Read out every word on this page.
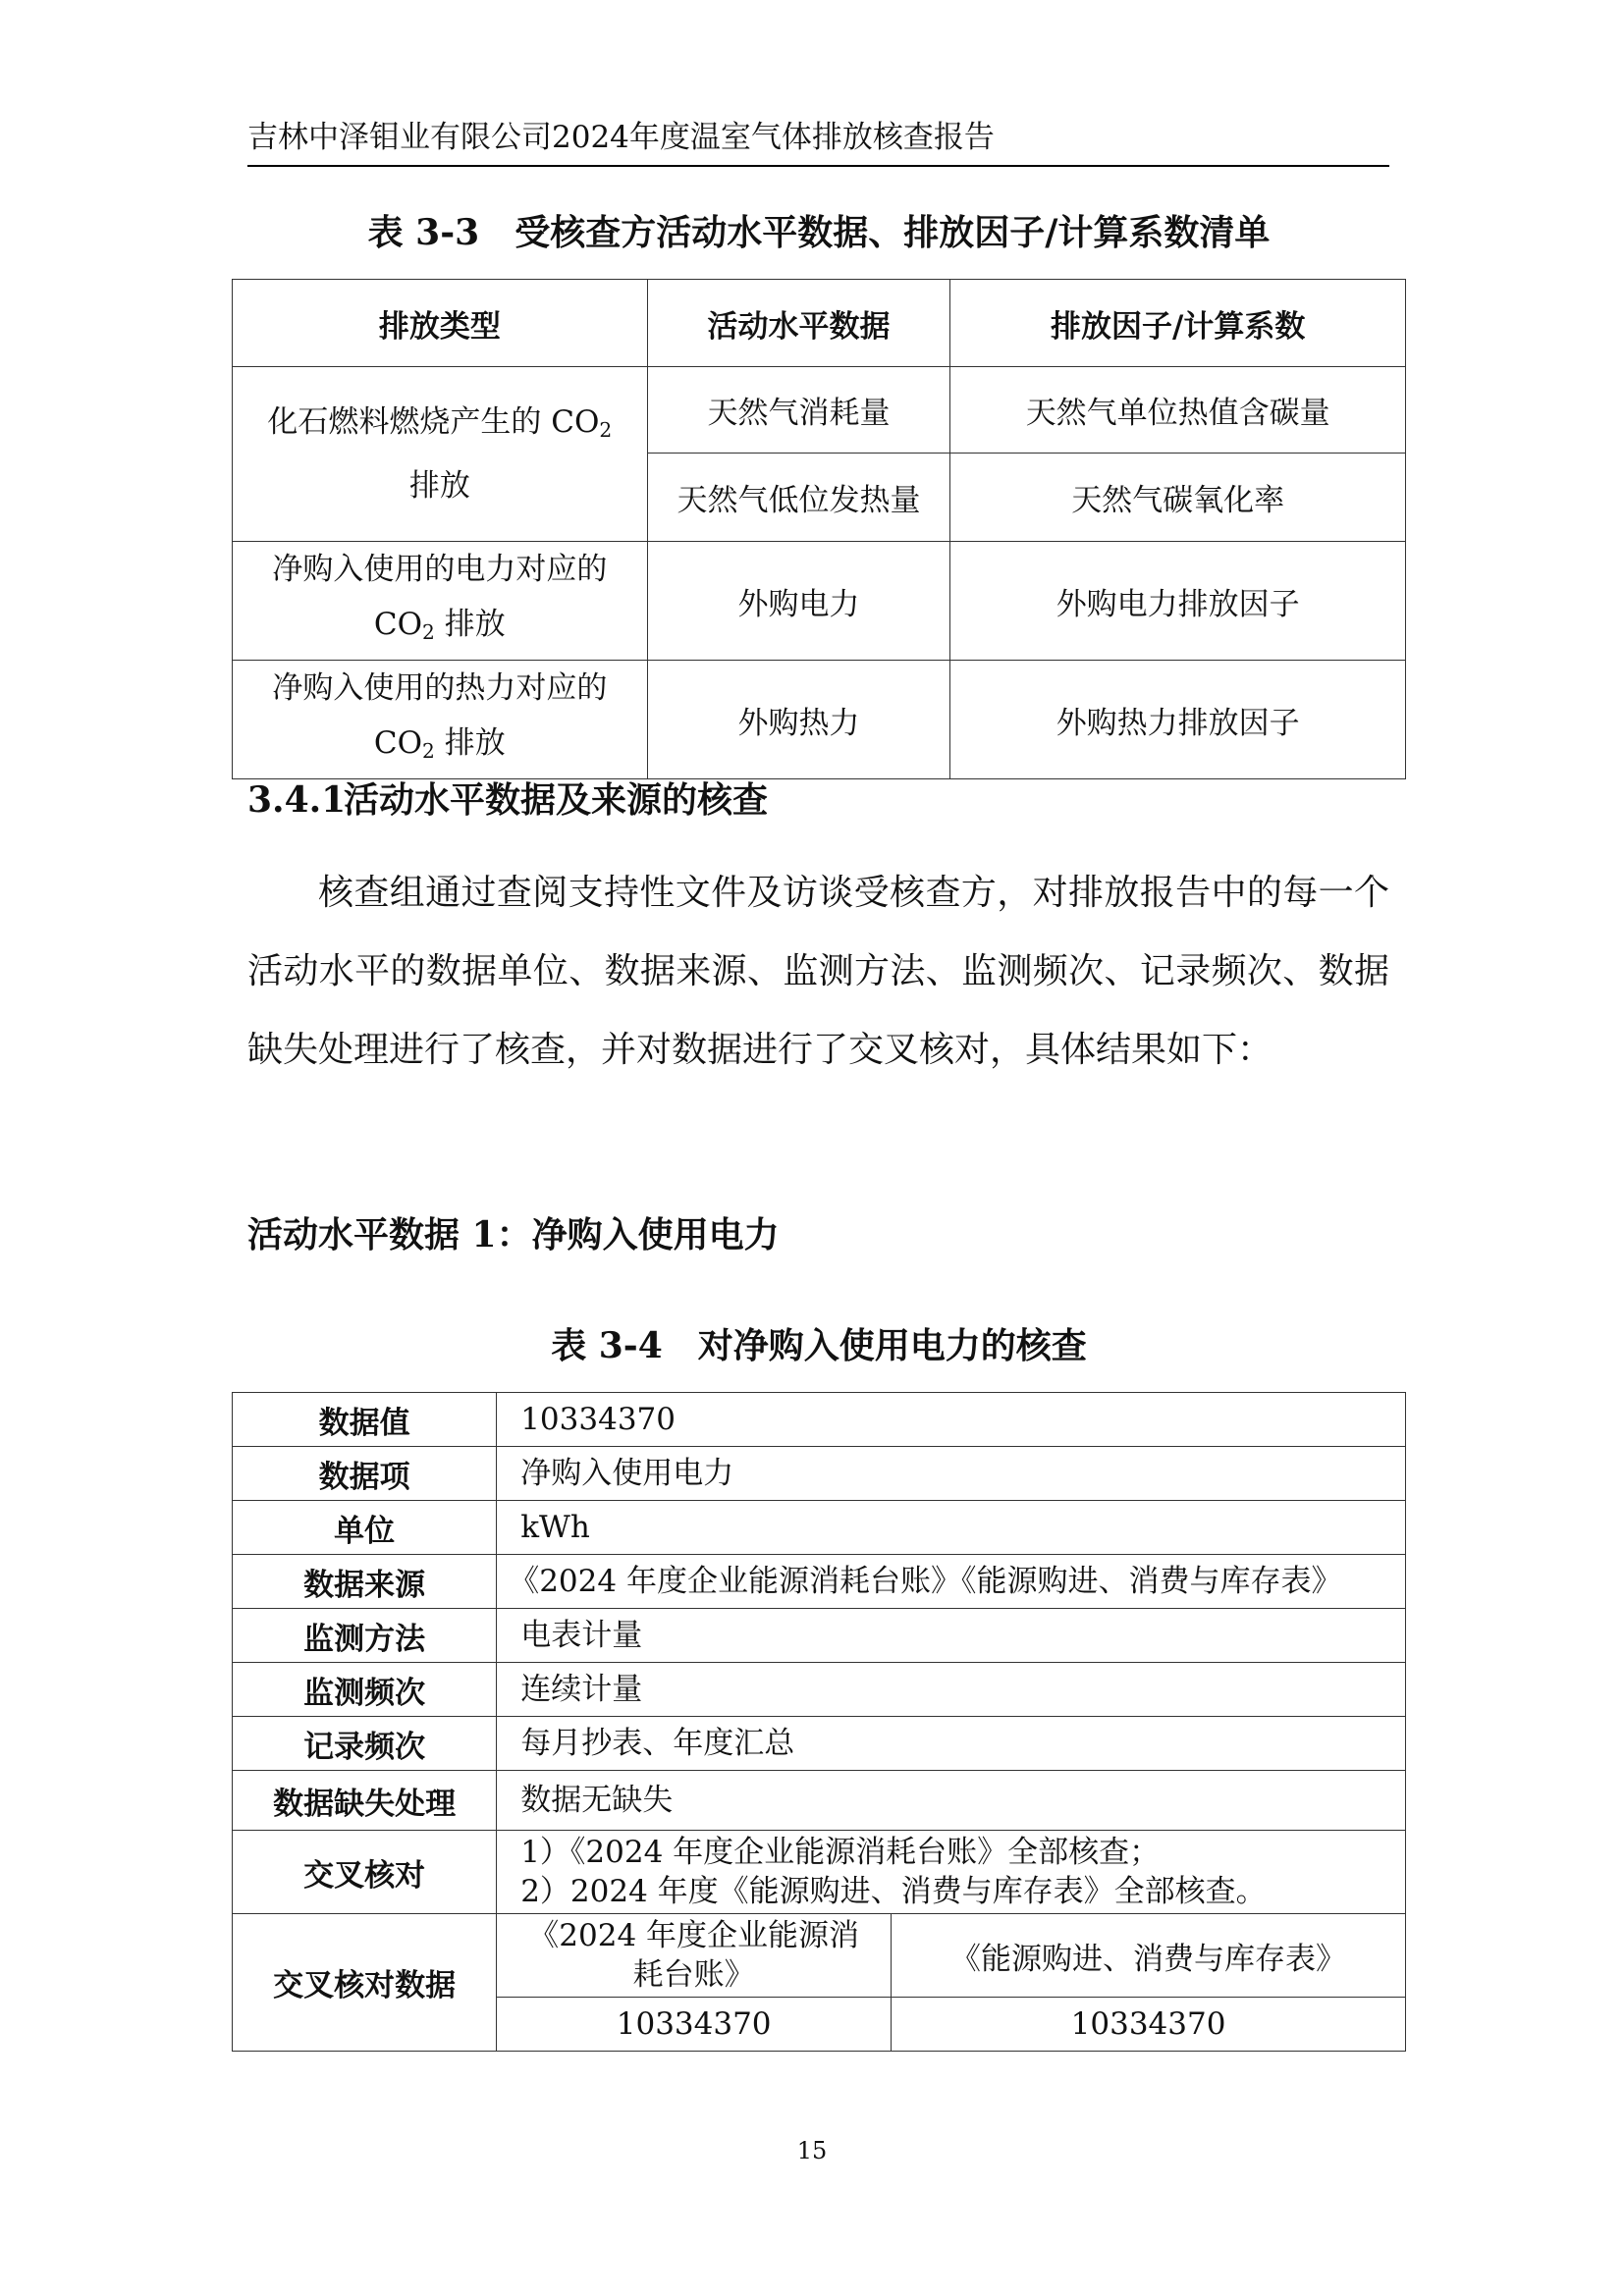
吉林中泽钼业有限公司2024年度温室气体排放核查报告
表 3-3　受核查方活动水平数据、排放因子/计算系数清单
排放类型	活动水平数据	排放因子/计算系数
化石燃料燃烧产生的 $CO_2$
排放	天然气消耗量	天然气单位热值含碳量
	天然气低位发热量	天然气碳氧化率
净购入使用的电力对应的
$CO_2$ 排放	外购电力	外购电力排放因子
净购入使用的热力对应的
$CO_2$ 排放	外购热力	外购热力排放因子
3.4.1活动水平数据及来源的核查

核查组通过查阅支持性文件及访谈受核查方，对排放报告中的每一个活动水平的数据单位、数据来源、监测方法、监测频次、记录频次、数据缺失处理进行了核查，并对数据进行了交叉核对，具体结果如下：

活动水平数据 1：净购入使用电力
表 3-4　对净购入使用电力的核查
数据值	10334370	
数据项	净购入使用电力	
单位	kWh	
数据来源	《2024 年度企业能源消耗台账》《能源购进、消费与库存表》	
监测方法	电表计量	
监测频次	连续计量	
记录频次	每月抄表、年度汇总	
数据缺失处理	数据无缺失	
交叉核对	1）《2024 年度企业能源消耗台账》全部核查；
2）2024 年度《能源购进、消费与库存表》全部核查。	

交叉核对数据	《2024 年度企业能源消
耗台账》	《能源购进、消费与库存表》
	10334370	10334370
15
